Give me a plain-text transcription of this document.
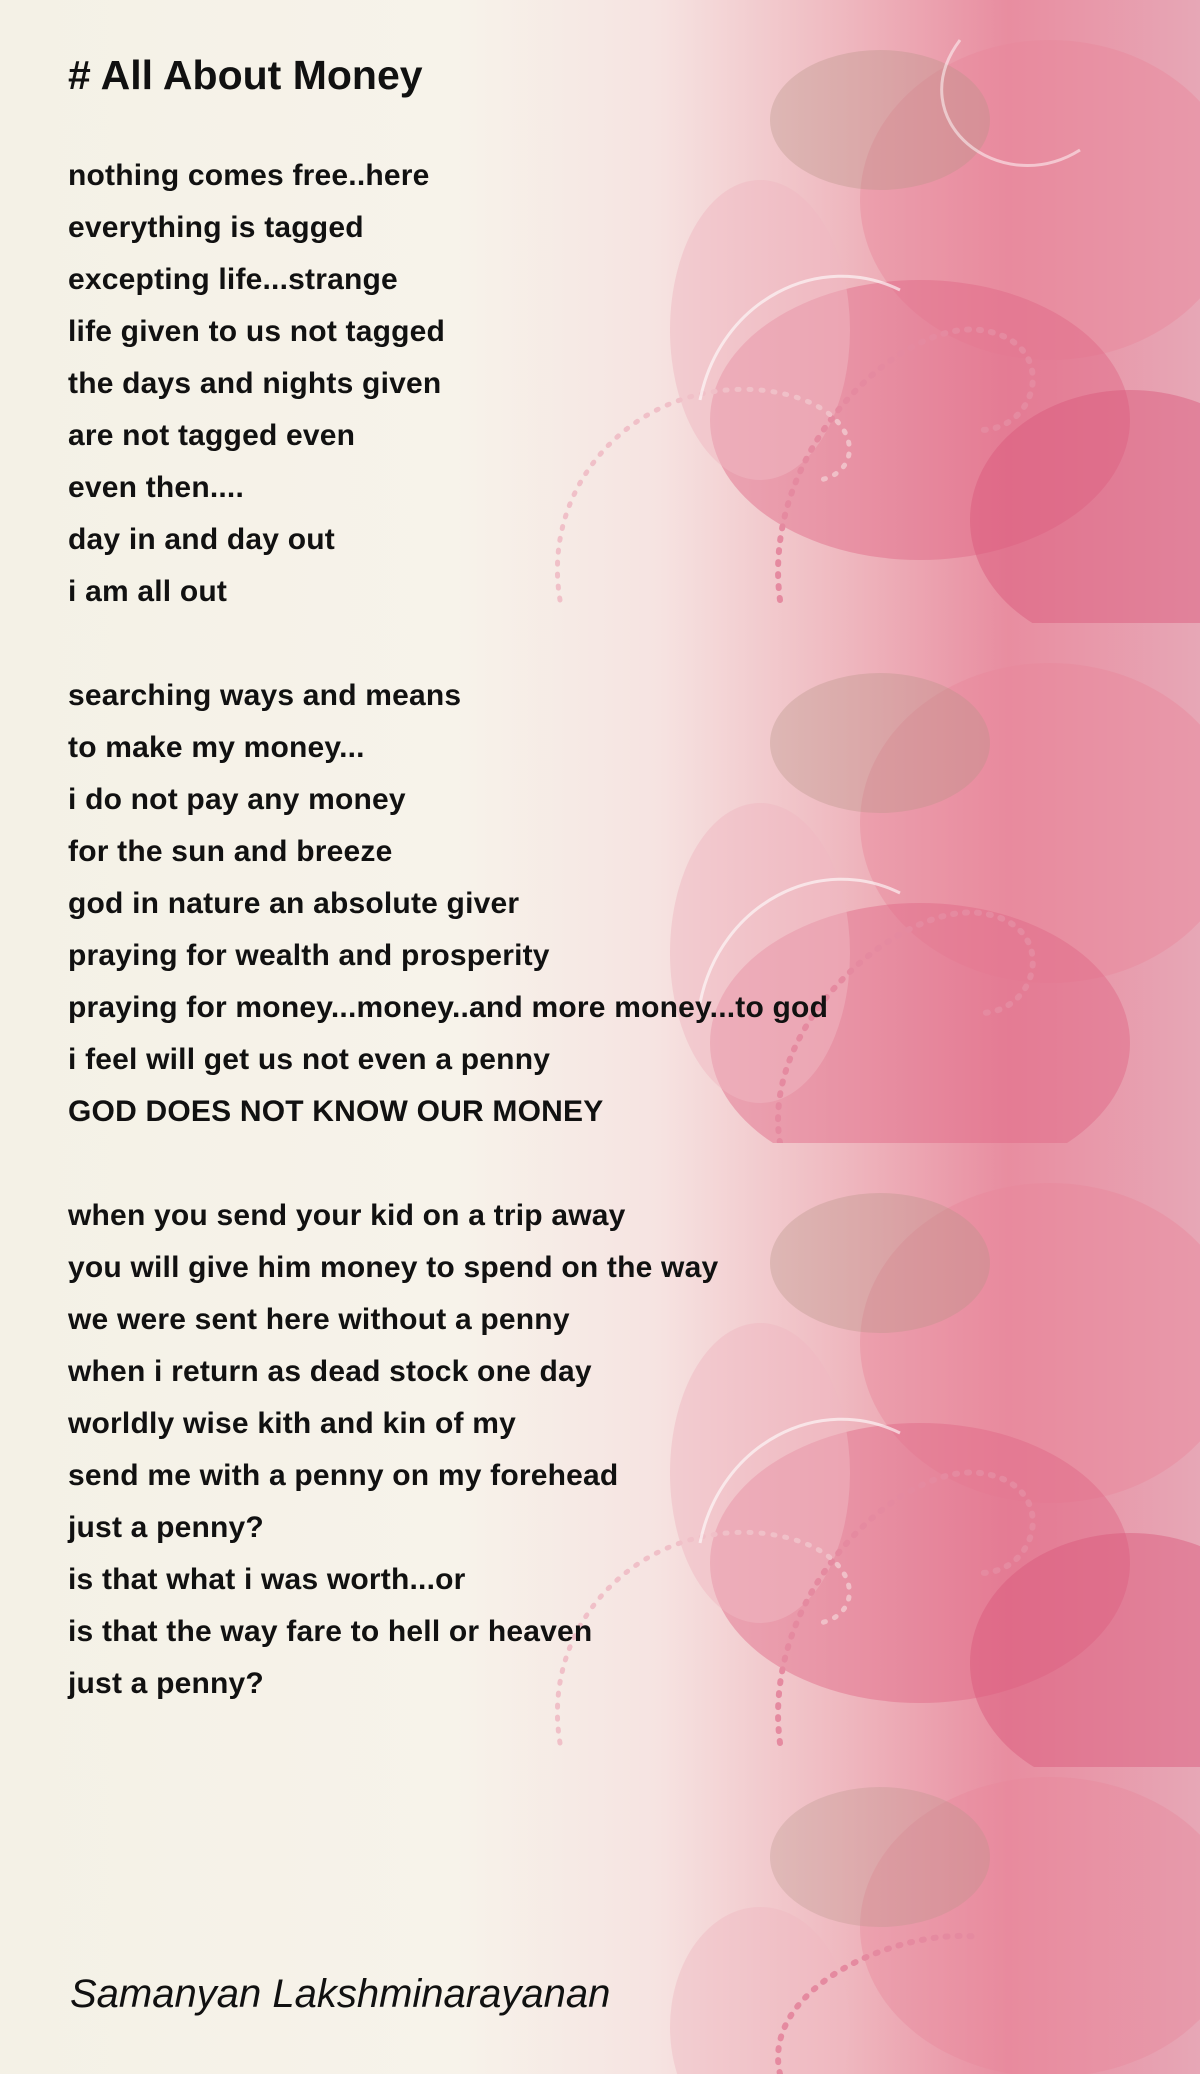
# All About Money
nothing comes free..here
everything is tagged
excepting life...strange
life given to us not tagged
the days and nights given
are not tagged even
even then....
day in and day out
i am all out
searching ways and means
to make my money...
i do not pay any money
for the sun and breeze
god in nature an absolute giver
praying for wealth and prosperity
praying for money...money..and more money...to god
i feel will get us not even a penny
GOD DOES NOT KNOW OUR MONEY
when you send your kid on a trip away
you will give him money to spend on the way
we were sent here without a penny
when i return as dead stock one day
worldly wise kith and kin of my
send me with a penny on my forehead
just a penny?
is that what i was worth...or
is that the way fare to hell or heaven
just a penny?
Samanyan Lakshminarayanan
